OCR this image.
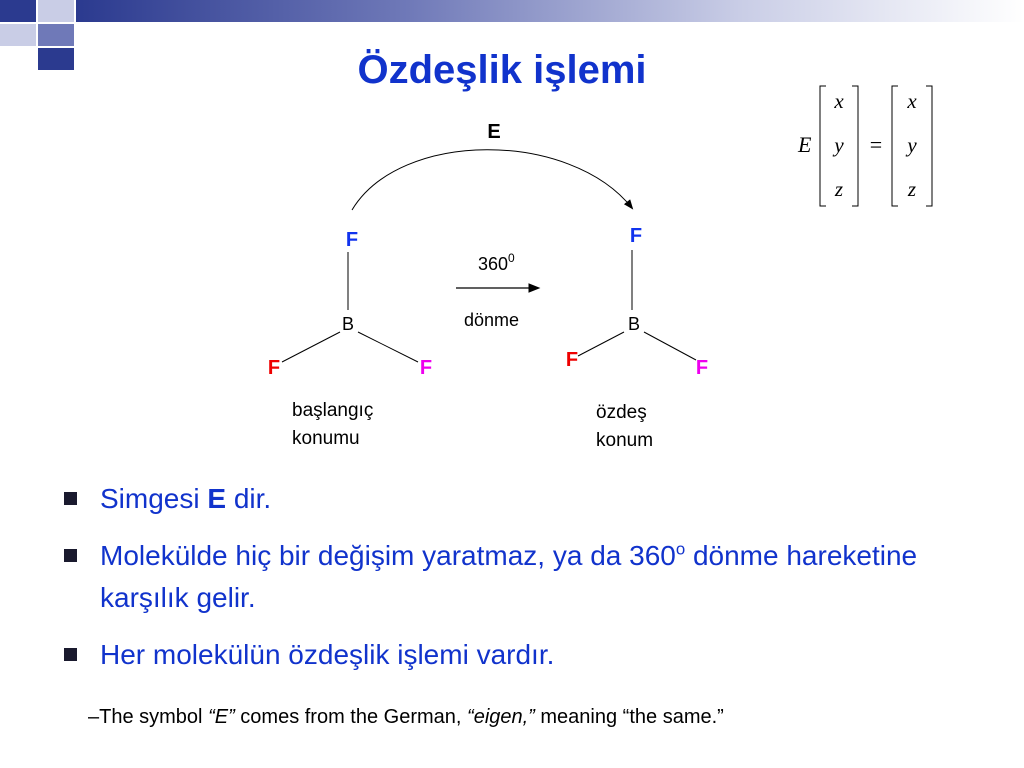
Özdeşlik işlemi
E
F
B
F	F
başlangıç
konumu
$360^0$
dönme
F
B
F	F
özdeş
konum
E
x
y
z
=
x
y
z
Simgesi E dir.
Molekülde hiç bir değişim yaratmaz, ya da 360$^o$ dönme hareketine karşılık gelir.
Her molekülün özdeşlik işlemi vardır.
–The symbol “E” comes from the German, “eigen,” meaning “the same.”
